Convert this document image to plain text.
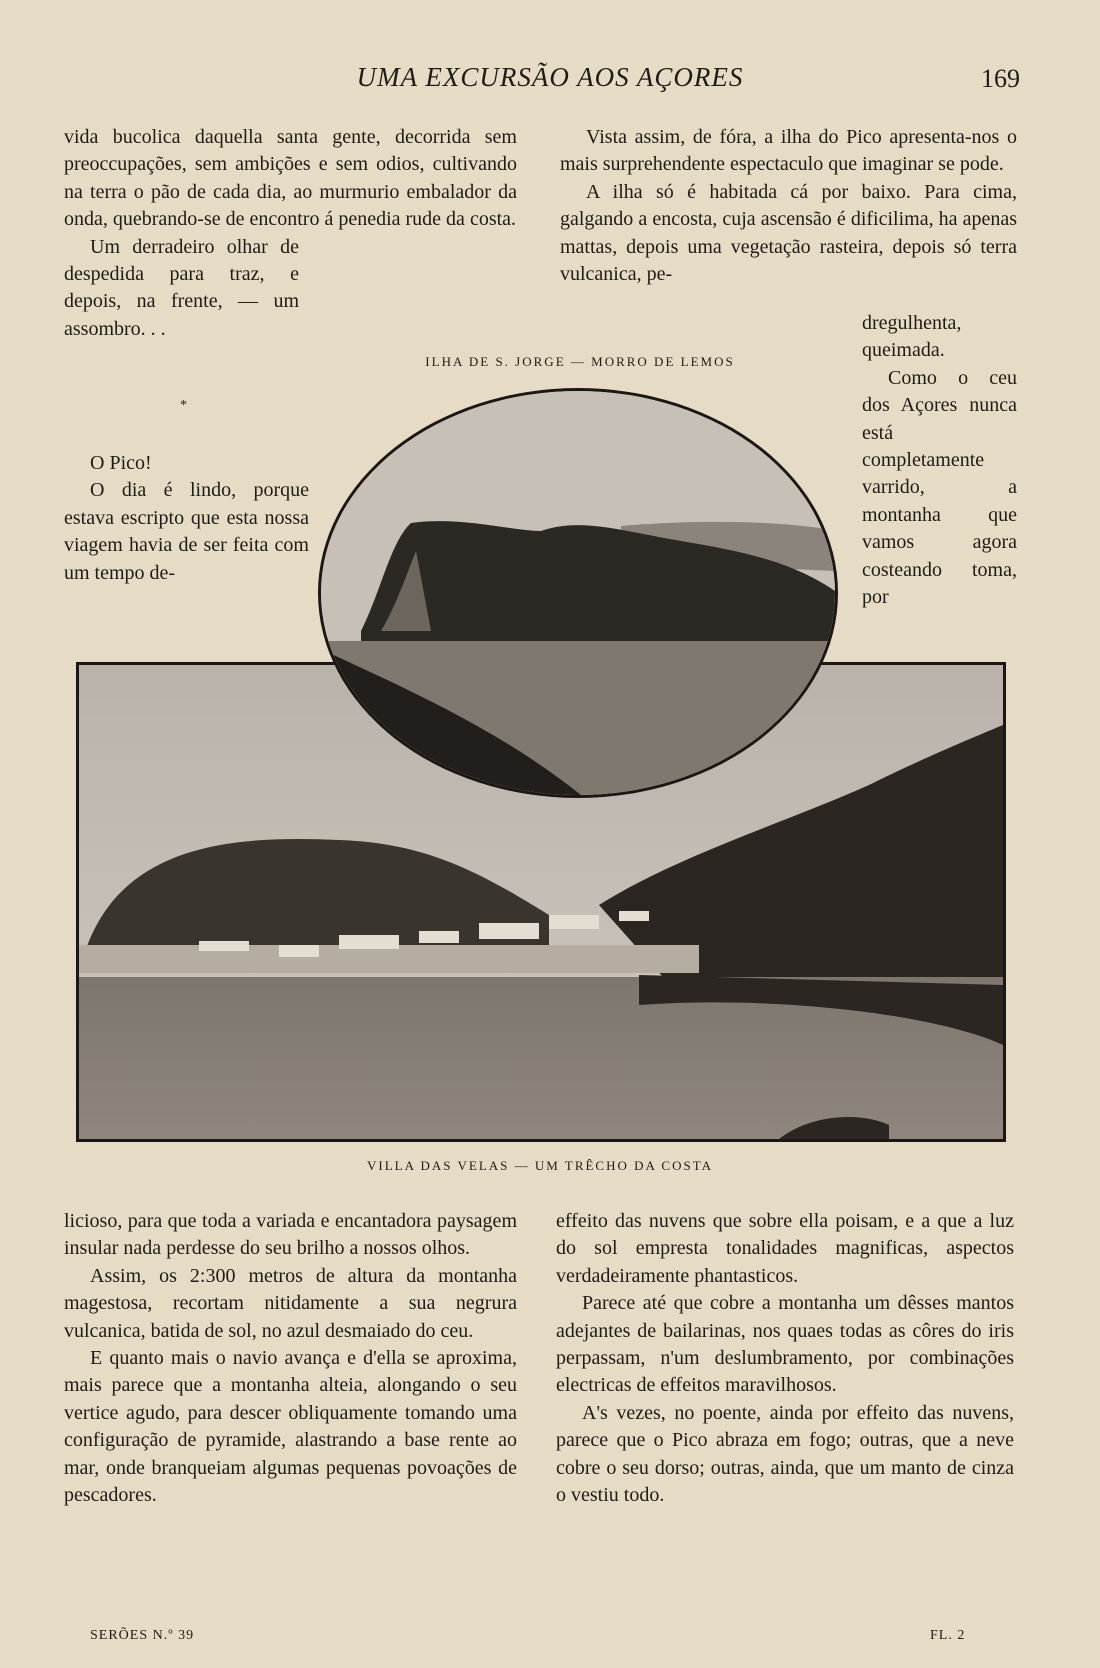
UMA EXCURSÃO AOS AÇORES	169

vida bucolica daquella santa gente, decorrida sem preoccupações, sem ambições e sem odios, cultivando na terra o pão de cada dia, ao murmurio embalador da onda, quebrando-se de encontro á penedia rude da costa.

Um derradeiro olhar de despedida para traz, e depois, na frente, — um assombro. . .

*

O Pico!

O dia é lindo, porque estava escripto que esta nossa viagem havia de ser feita com um tempo de-

Vista assim, de fóra, a ilha do Pico apresenta-nos o mais surprehendente espectaculo que imaginar se pode.

A ilha só é habitada cá por baixo. Para cima, galgando a encosta, cuja ascensão é dificilima, ha apenas mattas, depois uma vegetação rasteira, depois só terra vulcanica, pe-

dregulhenta, queimada.

Como o ceu dos Açores nunca está completamente varrido, a montanha que vamos agora costeando toma, por

ILHA DE S. JORGE — MORRO DE LEMOS
VILLA DAS VELAS — UM TRÊCHO DA COSTA

licioso, para que toda a variada e encantadora paysagem insular nada perdesse do seu brilho a nossos olhos.

Assim, os 2:300 metros de altura da montanha magestosa, recortam nitidamente a sua negrura vulcanica, batida de sol, no azul desmaiado do ceu.

E quanto mais o navio avança e d'ella se aproxima, mais parece que a montanha alteia, alongando o seu vertice agudo, para descer obliquamente tomando uma configuração de pyramide, alastrando a base rente ao mar, onde branqueiam algumas pequenas povoações de pescadores.

effeito das nuvens que sobre ella poisam, e a que a luz do sol empresta tonalidades magnificas, aspectos verdadeiramente phantasticos.

Parece até que cobre a montanha um dêsses mantos adejantes de bailarinas, nos quaes todas as côres do iris perpassam, n'um deslumbramento, por combinações electricas de effeitos maravilhosos.

A's vezes, no poente, ainda por effeito das nuvens, parece que o Pico abraza em fogo; outras, que a neve cobre o seu dorso; outras, ainda, que um manto de cinza o vestiu todo.

SERÕES N.º 39	FL. 2
